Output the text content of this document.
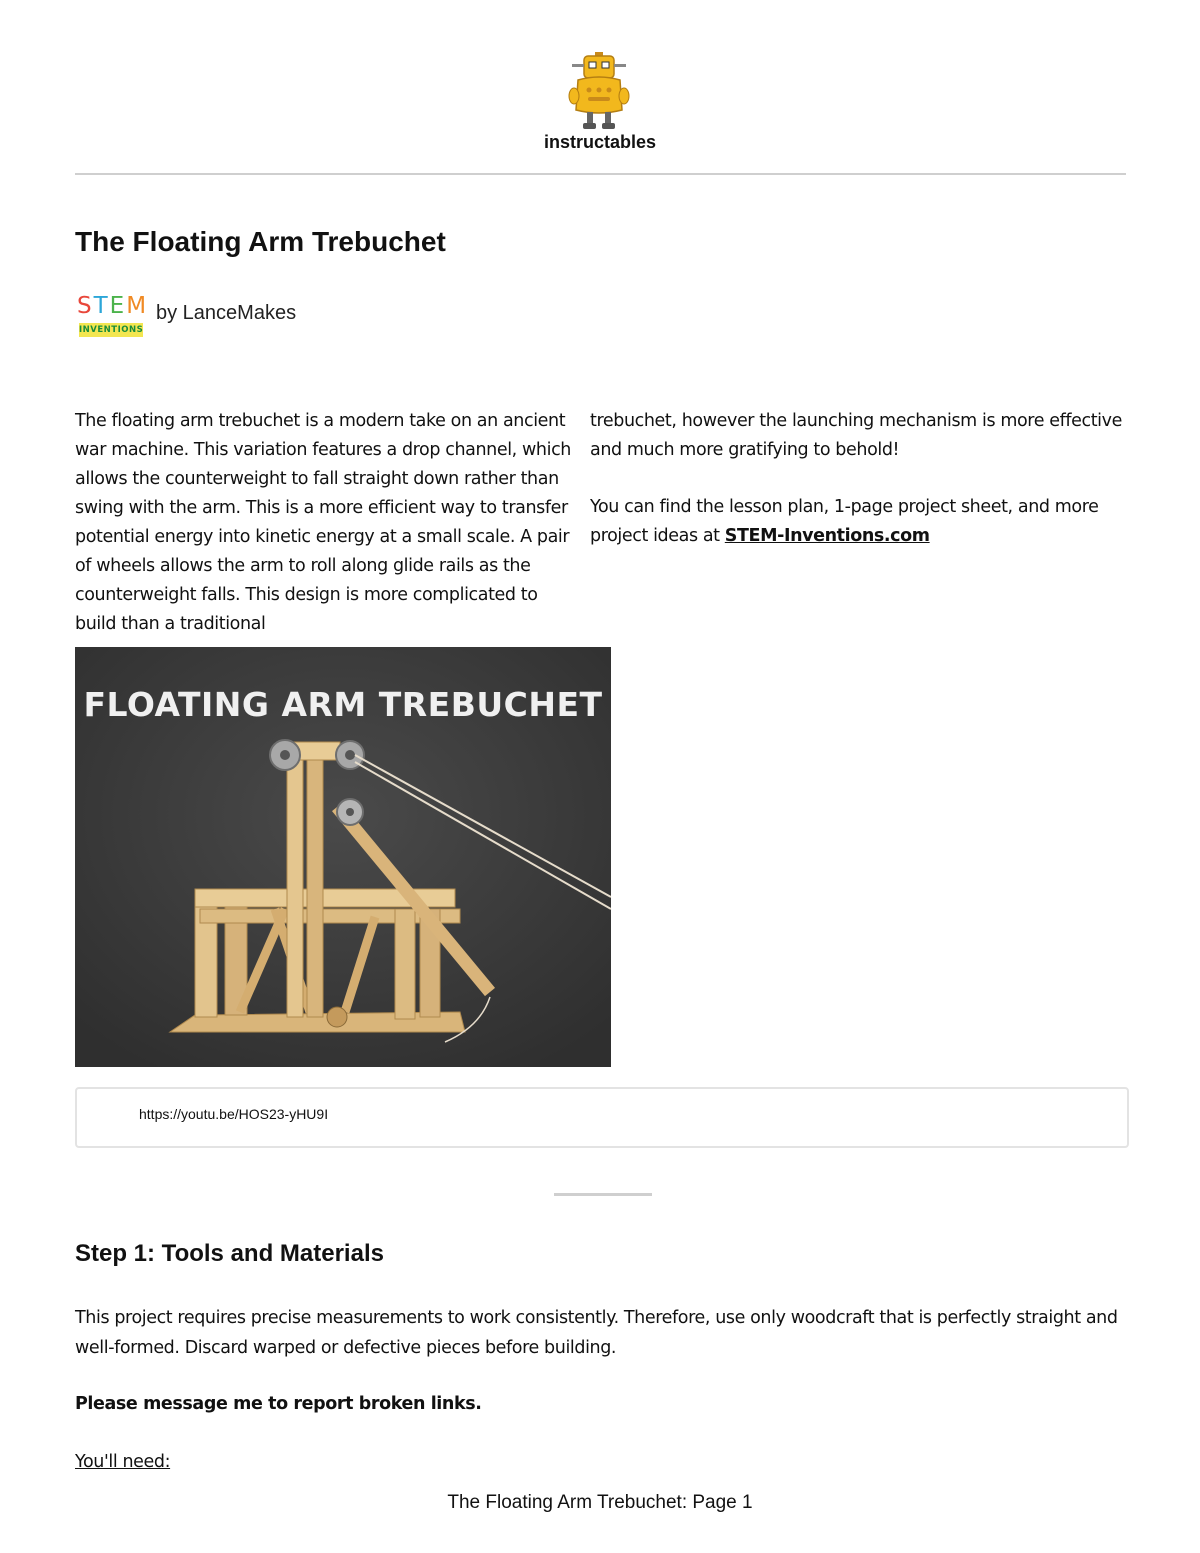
instructables
The Floating Arm Trebuchet
STEM
INVENTIONS
by LanceMakes

The floating arm trebuchet is a modern take on an ancient war machine. This variation features a drop channel, which allows the counterweight to fall straight down rather than swing with the arm. This is a more efficient way to transfer potential energy into kinetic energy at a small scale. A pair of wheels allows the arm to roll along glide rails as the counterweight falls. This design is more complicated to build than a traditional

trebuchet, however the launching mechanism is more effective and much more gratifying to behold!

You can find the lesson plan, 1-page project sheet, and more project ideas at STEM-Inventions.com

FLOATING ARM TREBUCHET
https://youtu.be/HOS23-yHU9I
Step 1: Tools and Materials

This project requires precise measurements to work consistently. Therefore, use only woodcraft that is perfectly straight and well-formed. Discard warped or defective pieces before building.

Please message me to report broken links.

You'll need:

The Floating Arm Trebuchet: Page 1
